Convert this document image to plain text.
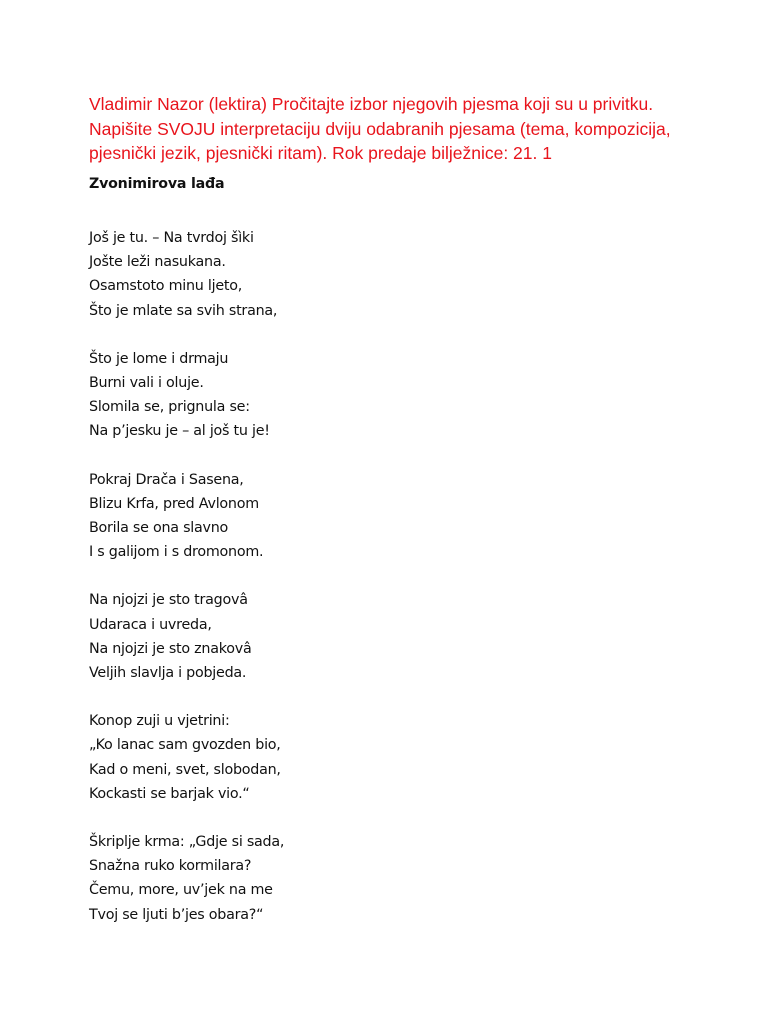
Vladimir Nazor (lektira) Pročitajte izbor njegovih pjesma koji su u privitku.
Napišite SVOJU interpretaciju dviju odabranih pjesama (tema, kompozicija,
pjesnički jezik, pjesnički ritam). Rok predaje bilježnice: 21. 1
Zvonimirova lađa
Još je tu. – Na tvrdoj šìki
Jošte leži nasukana.
Osamstoto minu ljeto,
Što je mlate sa svih strana,
Što je lome i drmaju
Burni vali i oluje.
Slomila se, prignula se:
Na p’jesku je – al još tu je!
Pokraj Drača i Sasena,
Blizu Krfa, pred Avlonom
Borila se ona slavno
I s galijom i s dromonom.
Na njojzi je sto tragovâ
Udaraca i uvreda,
Na njojzi je sto znakovâ
Veljih slavlja i pobjeda.
Konop zuji u vjetrini:
„Ko lanac sam gvozden bio,
Kad o meni, svet, slobodan,
Kockasti se barjak vio.“
Škriplje krma: „Gdje si sada,
Snažna ruko kormilara?
Čemu, more, uv’jek na me
Tvoj se ljuti b’jes obara?“
